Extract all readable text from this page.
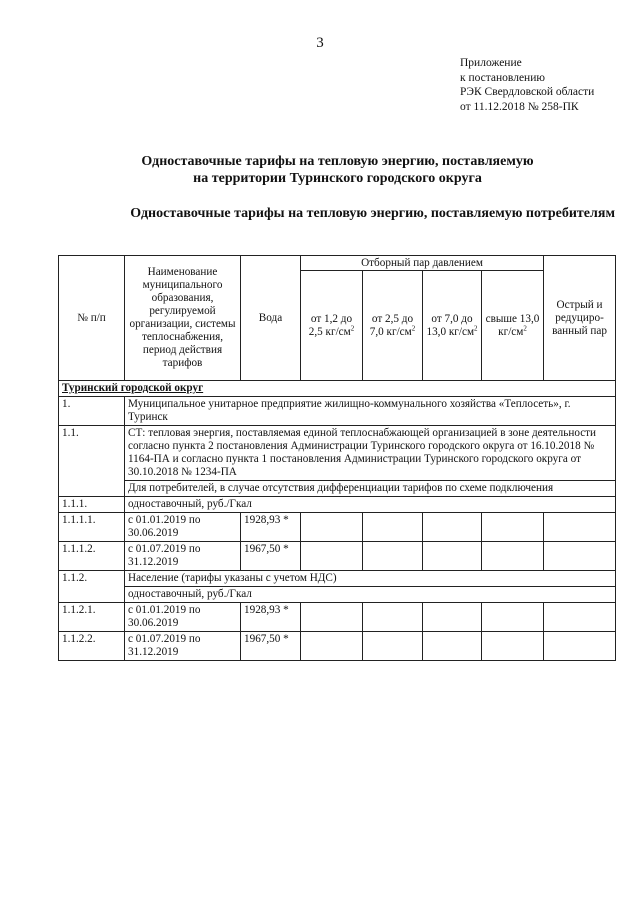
3
Приложение
к постановлению
РЭК Свердловской области
от 11.12.2018 № 258-ПК
Одноставочные тарифы на тепловую энергию, поставляемую
на территории Туринского городского округа
Одноставочные тарифы на тепловую энергию, поставляемую потребителям
№ п/п	Наименование муниципального образования, регулируемой организации, системы теплоснабжения, период действия тарифов	Вода	Отборный пар давлением				Острый и редуциро-ванный пар
			от 1,2 до 2,5 $кг/см^2$	от 2,5 до 7,0 $кг/см^2$	от 7,0 до 13,0 $кг/см^2$	свыше 13,0 $кг/см^2$
Туринский городской округ							
1.	Муниципальное унитарное предприятие жилищно-коммунального хозяйства «Теплосеть», г. Туринск						
1.1.	СТ: тепловая энергия, поставляемая единой теплоснабжающей организацией в зоне деятельности согласно пункта 2 постановления Администрации Туринского городского округа от 16.10.2018 № 1164-ПА и согласно пункта 1 постановления Администрации Туринского городского округа от 30.10.2018 № 1234-ПА						
	Для потребителей, в случае отсутствия дифференциации тарифов по схеме подключения						
1.1.1.	одноставочный, руб./Гкал						
1.1.1.1.	с 01.01.2019 по 30.06.2019	1928,93 *					
1.1.1.2.	с 01.07.2019 по 31.12.2019	1967,50 *					
1.1.2.	Население (тарифы указаны с учетом НДС)						
	одноставочный, руб./Гкал						
1.1.2.1.	с 01.01.2019 по 30.06.2019	1928,93 *					
1.1.2.2.	с 01.07.2019 по 31.12.2019	1967,50 *					
